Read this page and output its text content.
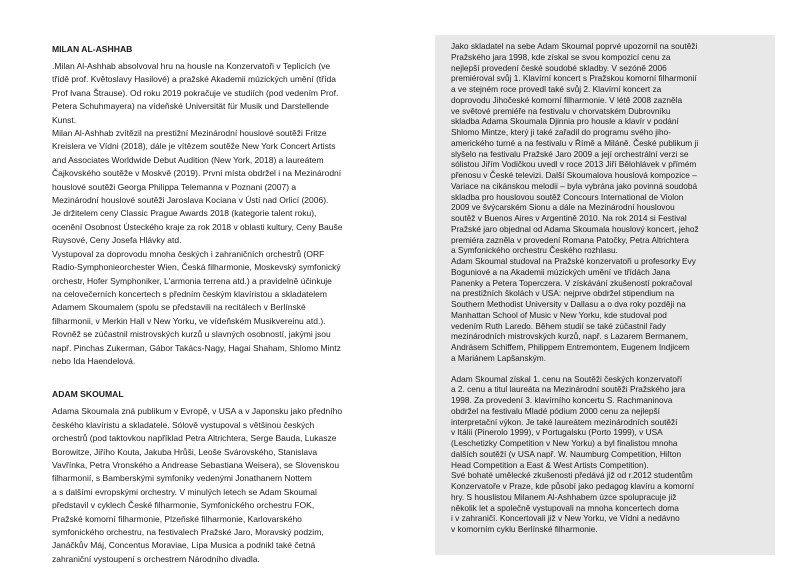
MILAN AL-ASHHAB

.Milan Al-Ashhab absolvoval hru na housle na Konzervatoři v Teplicích (ve
třídě prof. Květoslavy Hasilové) a pražské Akademii múzických umění (třída
Prof Ivana Štrause). Od roku 2019 pokračuje ve studiích (pod vedením Prof.
Petera Schuhmayera) na vídeňské Universität für Musik und Darstellende
Kunst.

Milan Al-Ashhab zvítězil na prestižní Mezinárodní houslové soutěži Fritze
Kreislera ve Vídni (2018), dále je vítězem soutěže New York Concert Artists
and Associates Worldwide Debut Audition (New York, 2018) a laureátem
Čajkovského soutěže v Moskvě (2019). První místa obdržel i na Mezinárodní
houslové soutěži Georga Philippa Telemanna v Poznani (2007) a
Mezinárodní houslové soutěži Jaroslava Kociana v Ústí nad Orlicí (2006).
Je držitelem ceny Classic Prague Awards 2018 (kategorie talent roku),
ocenění Osobnost Ústeckého kraje za rok 2018 v oblasti kultury, Ceny Bauše
Ruysové, Ceny Josefa Hlávky atd.

Vystupoval za doprovodu mnoha českých i zahraničních orchestrů (ORF
Radio-Symphonieorchester Wien, Česká filharmonie, Moskevský symfonický
orchestr, Hofer Symphoniker, L'armonia terrena atd.) a pravidelně účinkuje
na celovečerních koncertech s předním českým klavíristou a skladatelem
Adamem Skoumalem (spolu se představili na recitálech v Berlínské
filharmonii, v Merkin Hall v New Yorku, ve vídeňském Musikvereinu atd.).
Rovněž se zúčastnil mistrovských kurzů u slavných osobností, jakými jsou
např. Pinchas Zukerman, Gábor Takács-Nagy, Hagai Shaham, Shlomo Mintz
nebo Ida Haendelová.

ADAM SKOUMAL

Adama Skoumala zná publikum v Evropě, v USA a v Japonsku jako předního
českého klavíristu a skladatele. Sólově vystupoval s většinou českých
orchestrů (pod taktovkou například Petra Altrichtera, Serge Bauda, Lukasze
Borowitze, Jiřího Kouta, Jakuba Hrůši, Leoše Svárovského, Stanislava
Vavřínka, Petra Vronského a Andrease Sebastiana Weisera), se Slovenskou
filharmonií, s Bamberskými symfoniky vedenými Jonathanem Nottem
a s dalšími evropskými orchestry. V minulých letech se Adam Skoumal
představil v cyklech České filharmonie, Symfonického orchestru FOK,
Pražské komorní filharmonie, Plzeňské filharmonie, Karlovarského
symfonického orchestru, na festivalech Pražské Jaro, Moravský podzim,
Janáčkův Máj, Concentus Moraviae, Lípa Musica a podnikl také četná
zahraniční vystoupení s orchestrem Národního divadla.

Jako skladatel na sebe Adam Skoumal poprvé upozornil na soutěži
Pražského jara 1998, kde získal se svou kompozicí cenu za
nejlepší provedení české soudobé skladby. V sezóně 2006
premiéroval svůj 1. Klavírní koncert s Pražskou komorní filharmonií
a ve stejném roce provedl také svůj 2. Klavírní koncert za
doprovodu Jihočeské komorní filharmonie. V létě 2008 zazněla
ve světové premiéře na festivalu v chorvatském Dubrovníku
skladba Adama Skoumala Djinnia pro housle a klavír v podání
Shlomo Mintze, který ji také zařadil do programu svého jiho-
amerického turné a na festivalu v Římě a Miláně. České publikum ji
slyšelo na festivalu Pražské Jaro 2009 a její orchestrální verzi se
sólistou Jiřím Vodičkou uvedl v roce 2013 Jiří Bělohlávek v přímém
přenosu v České televizi. Další Skoumalova houslová kompozice –
Variace na cikánskou melodii – byla vybrána jako povinná soudobá
skladba pro houslovou soutěž Concours International de Violon
2009 ve švýcarském Sionu a dále na Mezinárodní houslovou
soutěž v Buenos Aires v Argentině 2010. Na rok 2014 si Festival
Pražské jaro objednal od Adama Skoumala houslový koncert, jehož
premiéra zazněla v provedení Romana Patočky, Petra Altrichtera
a Symfonického orchestru Českého rozhlasu.
Adam Skoumal studoval na Pražské konzervatoři u profesorky Evy
Boguniové a na Akademii múzických umění ve třídách Jana
Panenky a Petera Toperczera. V získávání zkušeností pokračoval
na prestižních školách v USA: nejprve obdržel stipendium na
Southern Methodist University v Dallasu a o dva roky později na
Manhattan School of Music v New Yorku, kde studoval pod
vedením Ruth Laredo. Během studií se také zúčastnil řady
mezinárodních mistrovských kurzů, např. s Lazarem Bermanem,
Andrásem Schiffem, Philippem Entremontem, Eugenem Indjicem
a Mariánem Lapšanským.

Adam Skoumal získal 1. cenu na Soutěži českých konzervatoří
a 2. cenu a titul laureáta na Mezinárodní soutěži Pražského jara
1998. Za provedení 3. klavírního koncertu S. Rachmaninova
obdržel na festivalu Mladé pódium 2000 cenu za nejlepší
interpretační výkon. Je také laureátem mezinárodních soutěží
v Itálii (Pinerolo 1999), v Portugalsku (Porto 1999), v USA
(Leschetizky Competition v New Yorku) a byl finalistou mnoha
dalších soutěží (v USA např. W. Naumburg Competition, Hilton
Head Competition a East & West Artists Competition).
Své bohaté umělecké zkušenosti předává již od r.2012 studentům
Konzervatoře v Praze, kde působí jako pedagog klavíru a komorní
hry. S houslistou Milanem Al-Ashhabem úzce spolupracuje již
několik let a společně vystupovali na mnoha koncertech doma
i v zahraničí. Koncertovali již v New Yorku, ve Vídni a nedávno
v komorním cyklu Berlínské filharmonie.
